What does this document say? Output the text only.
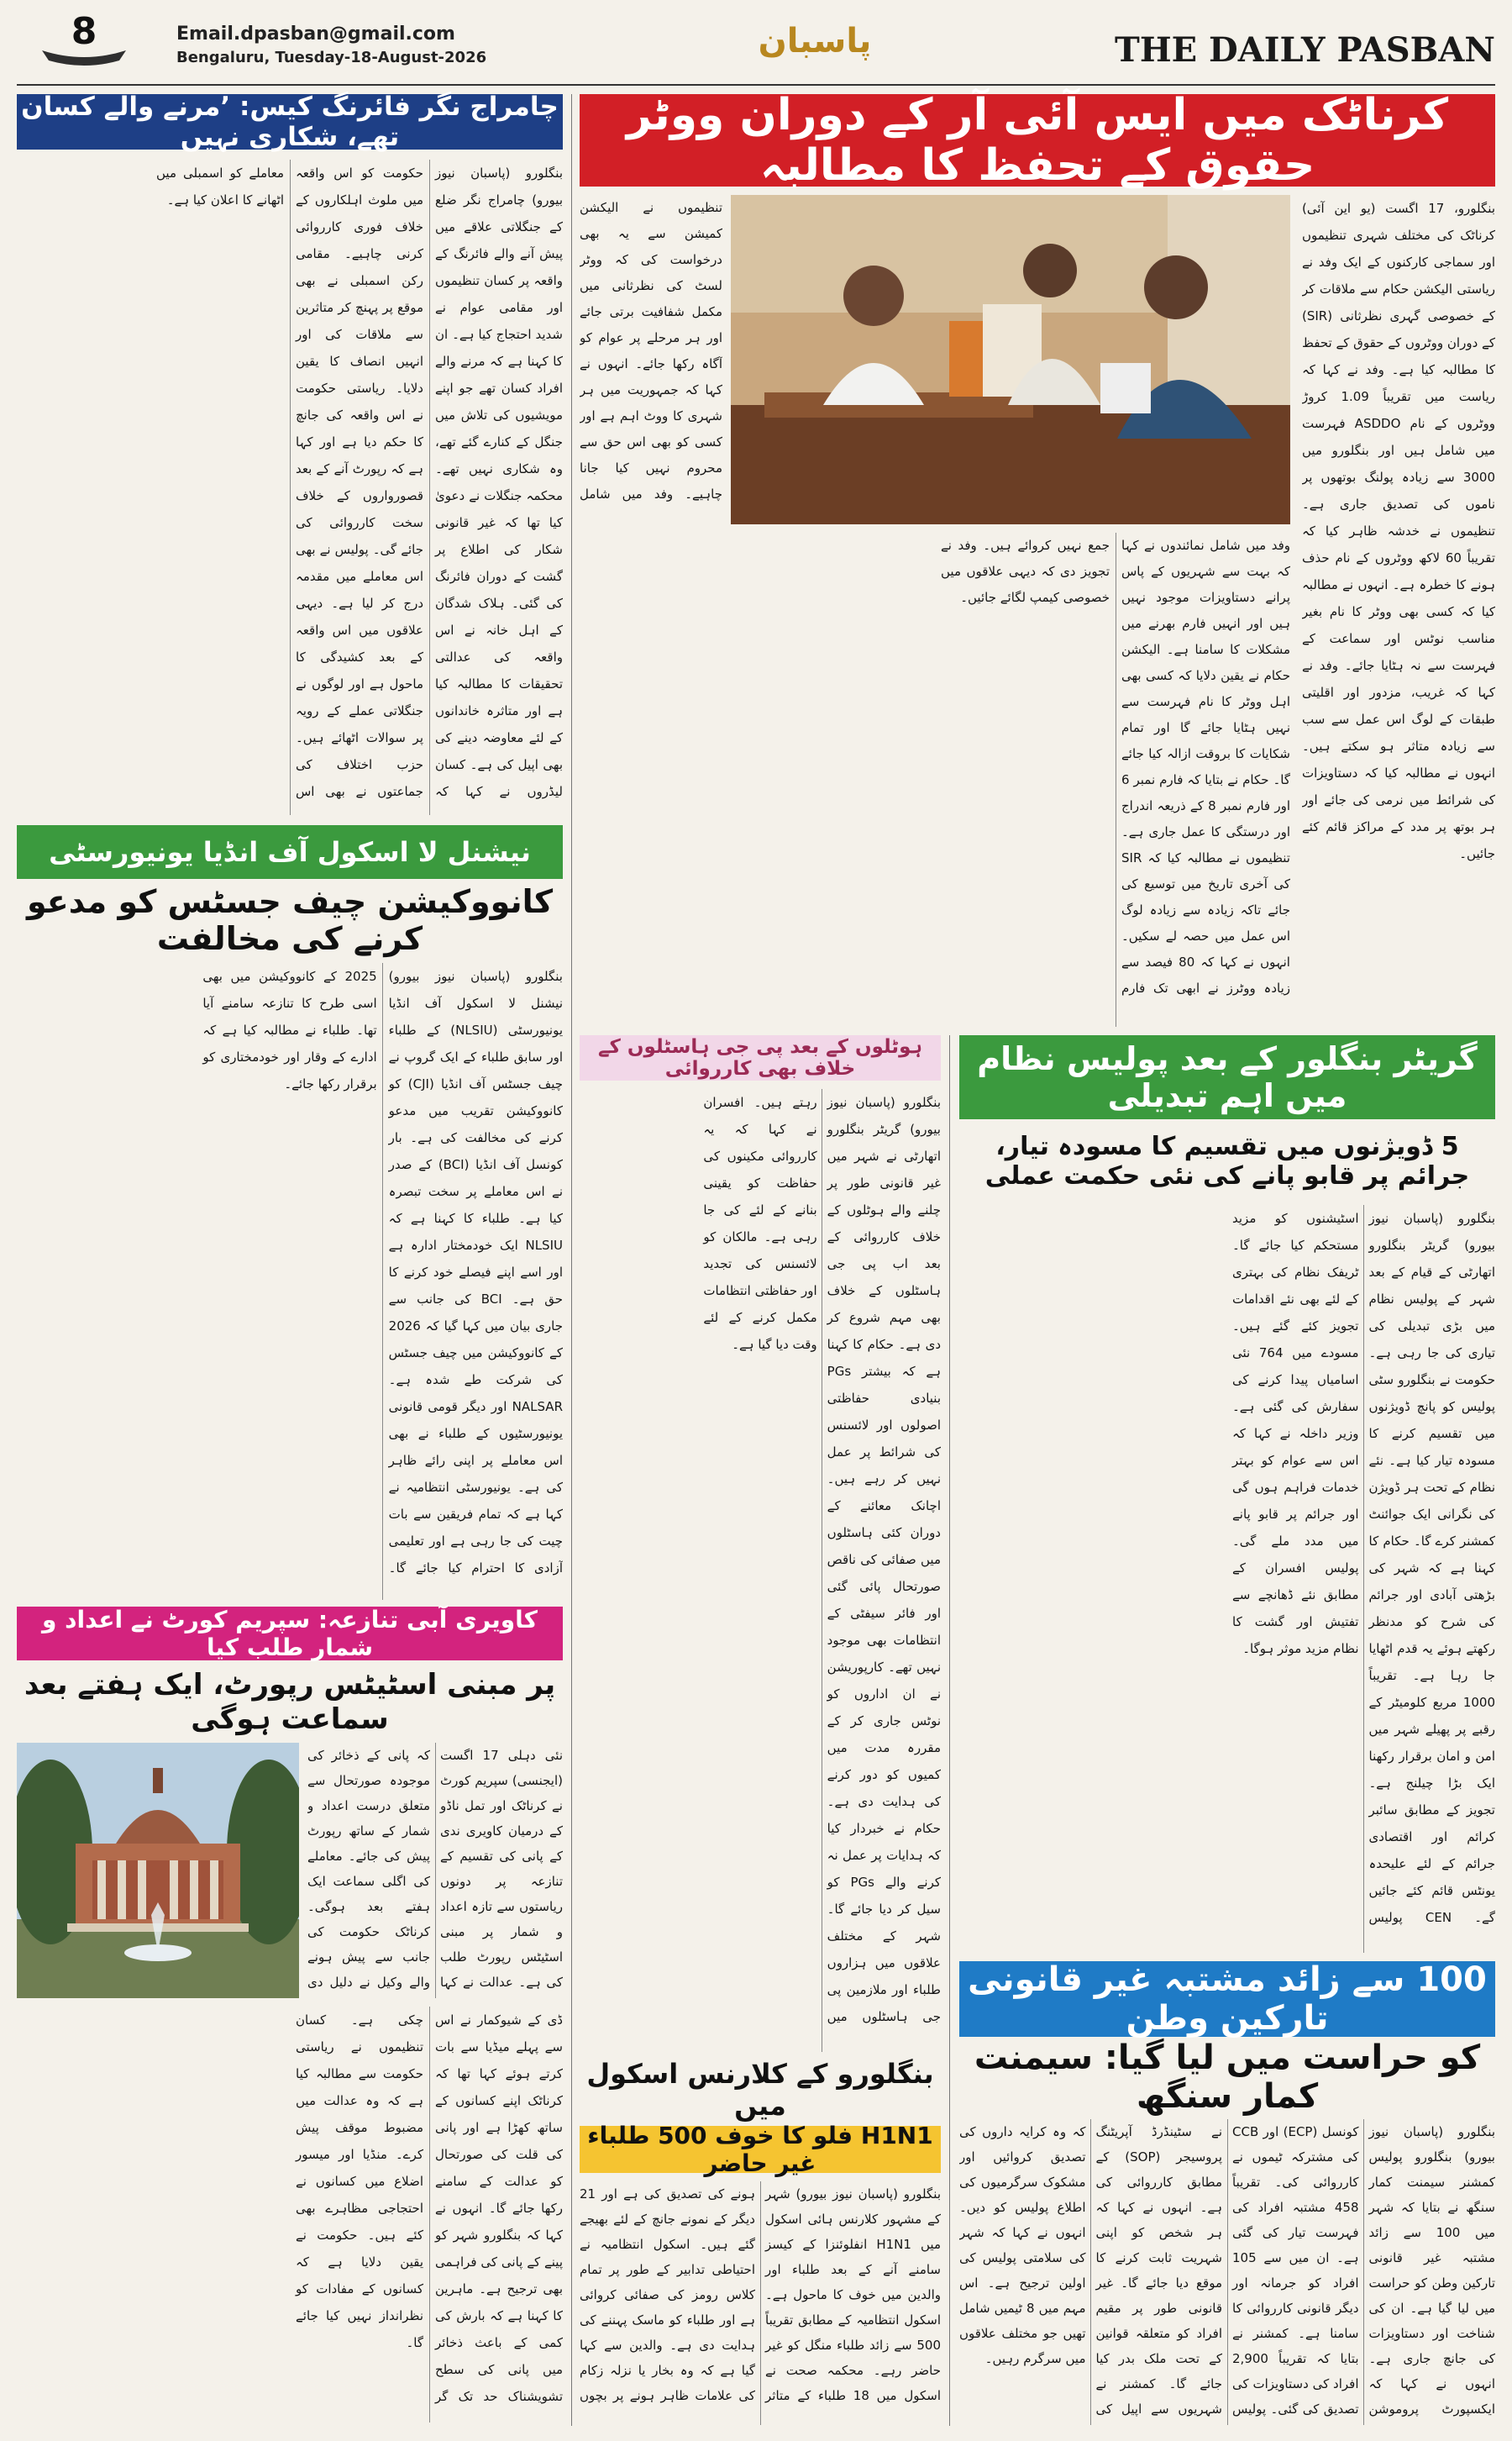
8	Email.dpasban@gmail.com
Bengaluru, Tuesday-18-August-2026	پاسبان	THE DAILY PASBAN
چامراج نگر فائرنگ کیس: ’مرنے والے کسان تھے، شکاری نہیں
بنگلورو (پاسبان نیوز بیورو) چامراج نگر ضلع کے جنگلاتی علاقے میں پیش آنے والے فائرنگ کے واقعہ پر کسان تنظیموں اور مقامی عوام نے شدید احتجاج کیا ہے۔ ان کا کہنا ہے کہ مرنے والے افراد کسان تھے جو اپنے مویشیوں کی تلاش میں جنگل کے کنارے گئے تھے، وہ شکاری نہیں تھے۔ محکمہ جنگلات نے دعویٰ کیا تھا کہ غیر قانونی شکار کی اطلاع پر گشت کے دوران فائرنگ کی گئی۔ ہلاک شدگان کے اہل خانہ نے اس واقعہ کی عدالتی تحقیقات کا مطالبہ کیا ہے اور متاثرہ خاندانوں کے لئے معاوضہ دینے کی بھی اپیل کی ہے۔ کسان لیڈروں نے کہا کہ حکومت کو اس واقعہ میں ملوث اہلکاروں کے خلاف فوری کارروائی کرنی چاہیے۔ مقامی رکن اسمبلی نے بھی موقع پر پہنچ کر متاثرین سے ملاقات کی اور انہیں انصاف کا یقین دلایا۔ ریاستی حکومت نے اس واقعہ کی جانچ کا حکم دیا ہے اور کہا ہے کہ رپورٹ آنے کے بعد قصورواروں کے خلاف سخت کارروائی کی جائے گی۔ پولیس نے بھی اس معاملے میں مقدمہ درج کر لیا ہے۔ دیہی علاقوں میں اس واقعہ کے بعد کشیدگی کا ماحول ہے اور لوگوں نے جنگلاتی عملے کے رویہ پر سوالات اٹھائے ہیں۔ حزب اختلاف کی جماعتوں نے بھی اس معاملے کو اسمبلی میں اٹھانے کا اعلان کیا ہے۔
نیشنل لا اسکول آف انڈیا یونیورسٹی
کانووکیشن چیف جسٹس کو مدعو کرنے کی مخالفت
بنگلورو (پاسبان نیوز بیورو) نیشنل لا اسکول آف انڈیا یونیورسٹی (NLSIU) کے طلباء اور سابق طلباء کے ایک گروپ نے چیف جسٹس آف انڈیا (CJI) کو کانووکیشن تقریب میں مدعو کرنے کی مخالفت کی ہے۔ بار کونسل آف انڈیا (BCI) کے صدر نے اس معاملے پر سخت تبصرہ کیا ہے۔ طلباء کا کہنا ہے کہ NLSIU ایک خودمختار ادارہ ہے اور اسے اپنے فیصلے خود کرنے کا حق ہے۔ BCI کی جانب سے جاری بیان میں کہا گیا کہ 2026 کے کانووکیشن میں چیف جسٹس کی شرکت طے شدہ ہے۔ NALSAR اور دیگر قومی قانونی یونیورسٹیوں کے طلباء نے بھی اس معاملے پر اپنی رائے ظاہر کی ہے۔ یونیورسٹی انتظامیہ نے کہا ہے کہ تمام فریقین سے بات چیت کی جا رہی ہے اور تعلیمی آزادی کا احترام کیا جائے گا۔ 2025 کے کانووکیشن میں بھی اسی طرح کا تنازعہ سامنے آیا تھا۔ طلباء نے مطالبہ کیا ہے کہ ادارے کے وقار اور خودمختاری کو برقرار رکھا جائے۔
کاویری آبی تنازعہ: سپریم کورٹ نے اعداد و شمار طلب کیا
پر مبنی اسٹیٹس رپورٹ، ایک ہفتے بعد سماعت ہوگی
نئی دہلی 17 اگست (ایجنسی) سپریم کورٹ نے کرناٹک اور تمل ناڈو کے درمیان کاویری ندی کے پانی کی تقسیم کے تنازعہ پر دونوں ریاستوں سے تازہ اعداد و شمار پر مبنی اسٹیٹس رپورٹ طلب کی ہے۔ عدالت نے کہا کہ پانی کے ذخائر کی موجودہ صورتحال سے متعلق درست اعداد و شمار کے ساتھ رپورٹ پیش کی جائے۔ معاملے کی اگلی سماعت ایک ہفتے بعد ہوگی۔ کرناٹک حکومت کی جانب سے پیش ہونے والے وکیل نے دلیل دی
ڈی کے شیوکمار نے اس سے پہلے میڈیا سے بات کرتے ہوئے کہا تھا کہ کرناٹک اپنے کسانوں کے ساتھ کھڑا ہے اور پانی کی قلت کی صورتحال کو عدالت کے سامنے رکھا جائے گا۔ انہوں نے کہا کہ بنگلورو شہر کو پینے کے پانی کی فراہمی بھی ترجیح ہے۔ ماہرین کا کہنا ہے کہ بارش کی کمی کے باعث ذخائر میں پانی کی سطح تشویشناک حد تک گر چکی ہے۔ کسان تنظیموں نے ریاستی حکومت سے مطالبہ کیا ہے کہ وہ عدالت میں مضبوط موقف پیش کرے۔ منڈیا اور میسور اضلاع میں کسانوں نے احتجاجی مظاہرے بھی کئے ہیں۔ حکومت نے یقین دلایا ہے کہ کسانوں کے مفادات کو نظرانداز نہیں کیا جائے گا۔
کرناٹک میں ایس آئی آر کے دوران ووٹر حقوق کے تحفظ کا مطالبہ
بنگلورو، 17 اگست (یو این آئی) کرناٹک کی مختلف شہری تنظیموں اور سماجی کارکنوں کے ایک وفد نے ریاستی الیکشن حکام سے ملاقات کر کے خصوصی گہری نظرثانی (SIR) کے دوران ووٹروں کے حقوق کے تحفظ کا مطالبہ کیا ہے۔ وفد نے کہا کہ ریاست میں تقریباً 1.09 کروڑ ووٹروں کے نام ASDDO فہرست میں شامل ہیں اور بنگلورو میں 3000 سے زیادہ پولنگ بوتھوں پر ناموں کی تصدیق جاری ہے۔ تنظیموں نے خدشہ ظاہر کیا کہ تقریباً 60 لاکھ ووٹروں کے نام حذف ہونے کا خطرہ ہے۔ انہوں نے مطالبہ کیا کہ کسی بھی ووٹر کا نام بغیر مناسب نوٹس اور سماعت کے فہرست سے نہ ہٹایا جائے۔ وفد نے کہا کہ غریب، مزدور اور اقلیتی طبقات کے لوگ اس عمل سے سب سے زیادہ متاثر ہو سکتے ہیں۔ انہوں نے مطالبہ کیا کہ دستاویزات کی شرائط میں نرمی کی جائے اور ہر بوتھ پر مدد کے مراکز قائم کئے جائیں۔
وفد میں شامل نمائندوں نے کہا کہ بہت سے شہریوں کے پاس پرانے دستاویزات موجود نہیں ہیں اور انہیں فارم بھرنے میں مشکلات کا سامنا ہے۔ الیکشن حکام نے یقین دلایا کہ کسی بھی اہل ووٹر کا نام فہرست سے نہیں ہٹایا جائے گا اور تمام شکایات کا بروقت ازالہ کیا جائے گا۔ حکام نے بتایا کہ فارم نمبر 6 اور فارم نمبر 8 کے ذریعہ اندراج اور درستگی کا عمل جاری ہے۔ تنظیموں نے مطالبہ کیا کہ SIR کی آخری تاریخ میں توسیع کی جائے تاکہ زیادہ سے زیادہ لوگ اس عمل میں حصہ لے سکیں۔ انہوں نے کہا کہ 80 فیصد سے زیادہ ووٹرز نے ابھی تک فارم جمع نہیں کروائے ہیں۔ وفد نے تجویز دی کہ دیہی علاقوں میں خصوصی کیمپ لگائے جائیں۔
تنظیموں نے الیکشن کمیشن سے یہ بھی درخواست کی کہ ووٹر لسٹ کی نظرثانی میں مکمل شفافیت برتی جائے اور ہر مرحلے پر عوام کو آگاہ رکھا جائے۔ انہوں نے کہا کہ جمہوریت میں ہر شہری کا ووٹ اہم ہے اور کسی کو بھی اس حق سے محروم نہیں کیا جانا چاہیے۔ وفد میں شامل
ہوٹلوں کے بعد پی جی ہاسٹلوں کے خلاف بھی کارروائی
بنگلورو (پاسبان نیوز بیورو) گریٹر بنگلورو اتھارٹی نے شہر میں غیر قانونی طور پر چلنے والے ہوٹلوں کے خلاف کارروائی کے بعد اب پی جی ہاسٹلوں کے خلاف بھی مہم شروع کر دی ہے۔ حکام کا کہنا ہے کہ بیشتر PGs بنیادی حفاظتی اصولوں اور لائسنس کی شرائط پر عمل نہیں کر رہے ہیں۔ اچانک معائنے کے دوران کئی ہاسٹلوں میں صفائی کی ناقص صورتحال پائی گئی اور فائر سیفٹی کے انتظامات بھی موجود نہیں تھے۔ کارپوریشن نے ان اداروں کو نوٹس جاری کر کے مقررہ مدت میں کمیوں کو دور کرنے کی ہدایت دی ہے۔ حکام نے خبردار کیا کہ ہدایات پر عمل نہ کرنے والے PGs کو سیل کر دیا جائے گا۔ شہر کے مختلف علاقوں میں ہزاروں طلباء اور ملازمین پی جی ہاسٹلوں میں رہتے ہیں۔ افسران نے کہا کہ یہ کارروائی مکینوں کی حفاظت کو یقینی بنانے کے لئے کی جا رہی ہے۔ مالکان کو لائسنس کی تجدید اور حفاظتی انتظامات مکمل کرنے کے لئے وقت دیا گیا ہے۔
بنگلورو کے کلارنس اسکول میں
H1N1 فلو کا خوف 500 طلباء غیر حاضر
بنگلورو (پاسبان نیوز بیورو) شہر کے مشہور کلارنس ہائی اسکول میں H1N1 انفلوئنزا کے کیسز سامنے آنے کے بعد طلباء اور والدین میں خوف کا ماحول ہے۔ اسکول انتظامیہ کے مطابق تقریباً 500 سے زائد طلباء منگل کو غیر حاضر رہے۔ محکمہ صحت نے اسکول میں 18 طلباء کے متاثر ہونے کی تصدیق کی ہے اور 21 دیگر کے نمونے جانچ کے لئے بھیجے گئے ہیں۔ اسکول انتظامیہ نے احتیاطی تدابیر کے طور پر تمام کلاس رومز کی صفائی کروائی ہے اور طلباء کو ماسک پہننے کی ہدایت دی ہے۔ والدین سے کہا گیا ہے کہ وہ بخار یا نزلہ زکام کی علامات ظاہر ہونے پر بچوں
گریٹر بنگلور کے بعد پولیس نظام میں اہم تبدیلی
5 ڈویژنوں میں تقسیم کا مسودہ تیار، جرائم پر قابو پانے کی نئی حکمت عملی
بنگلورو (پاسبان نیوز بیورو) گریٹر بنگلورو اتھارٹی کے قیام کے بعد شہر کے پولیس نظام میں بڑی تبدیلی کی تیاری کی جا رہی ہے۔ حکومت نے بنگلورو سٹی پولیس کو پانچ ڈویژنوں میں تقسیم کرنے کا مسودہ تیار کیا ہے۔ نئے نظام کے تحت ہر ڈویژن کی نگرانی ایک جوائنٹ کمشنر کرے گا۔ حکام کا کہنا ہے کہ شہر کی بڑھتی آبادی اور جرائم کی شرح کو مدنظر رکھتے ہوئے یہ قدم اٹھایا جا رہا ہے۔ تقریباً 1000 مربع کلومیٹر کے رقبے پر پھیلے شہر میں امن و امان برقرار رکھنا ایک بڑا چیلنج ہے۔ تجویز کے مطابق سائبر کرائم اور اقتصادی جرائم کے لئے علیحدہ یونٹس قائم کئے جائیں گے۔ CEN پولیس اسٹیشنوں کو مزید مستحکم کیا جائے گا۔ ٹریفک نظام کی بہتری کے لئے بھی نئے اقدامات تجویز کئے گئے ہیں۔ مسودے میں 764 نئی اسامیاں پیدا کرنے کی سفارش کی گئی ہے۔ وزیر داخلہ نے کہا کہ اس سے عوام کو بہتر خدمات فراہم ہوں گی اور جرائم پر قابو پانے میں مدد ملے گی۔ پولیس افسران کے مطابق نئے ڈھانچے سے تفتیش اور گشت کا نظام مزید موثر ہوگا۔
100 سے زائد مشتبہ غیر قانونی تارکین وطن
کو حراست میں لیا گیا: سیمنت کمار سنگھ
بنگلورو (پاسبان نیوز بیورو) بنگلورو پولیس کمشنر سیمنت کمار سنگھ نے بتایا کہ شہر میں 100 سے زائد مشتبہ غیر قانونی تارکین وطن کو حراست میں لیا گیا ہے۔ ان کی شناخت اور دستاویزات کی جانچ جاری ہے۔ انہوں نے کہا کہ ایکسپورٹ پروموشن کونسل (ECP) اور CCB کی مشترکہ ٹیموں نے کارروائی کی۔ تقریباً 458 مشتبہ افراد کی فہرست تیار کی گئی ہے۔ ان میں سے 105 افراد کو جرمانہ اور دیگر قانونی کارروائی کا سامنا ہے۔ کمشنر نے بتایا کہ تقریباً 2,900 افراد کی دستاویزات کی تصدیق کی گئی۔ پولیس نے سٹینڈرڈ آپریٹنگ پروسیجر (SOP) کے مطابق کارروائی کی ہے۔ انہوں نے کہا کہ ہر شخص کو اپنی شہریت ثابت کرنے کا موقع دیا جائے گا۔ غیر قانونی طور پر مقیم افراد کو متعلقہ قوانین کے تحت ملک بدر کیا جائے گا۔ کمشنر نے شہریوں سے اپیل کی کہ وہ کرایہ داروں کی تصدیق کروائیں اور مشکوک سرگرمیوں کی اطلاع پولیس کو دیں۔ انہوں نے کہا کہ شہر کی سلامتی پولیس کی اولین ترجیح ہے۔ اس مہم میں 8 ٹیمیں شامل تھیں جو مختلف علاقوں میں سرگرم رہیں۔
